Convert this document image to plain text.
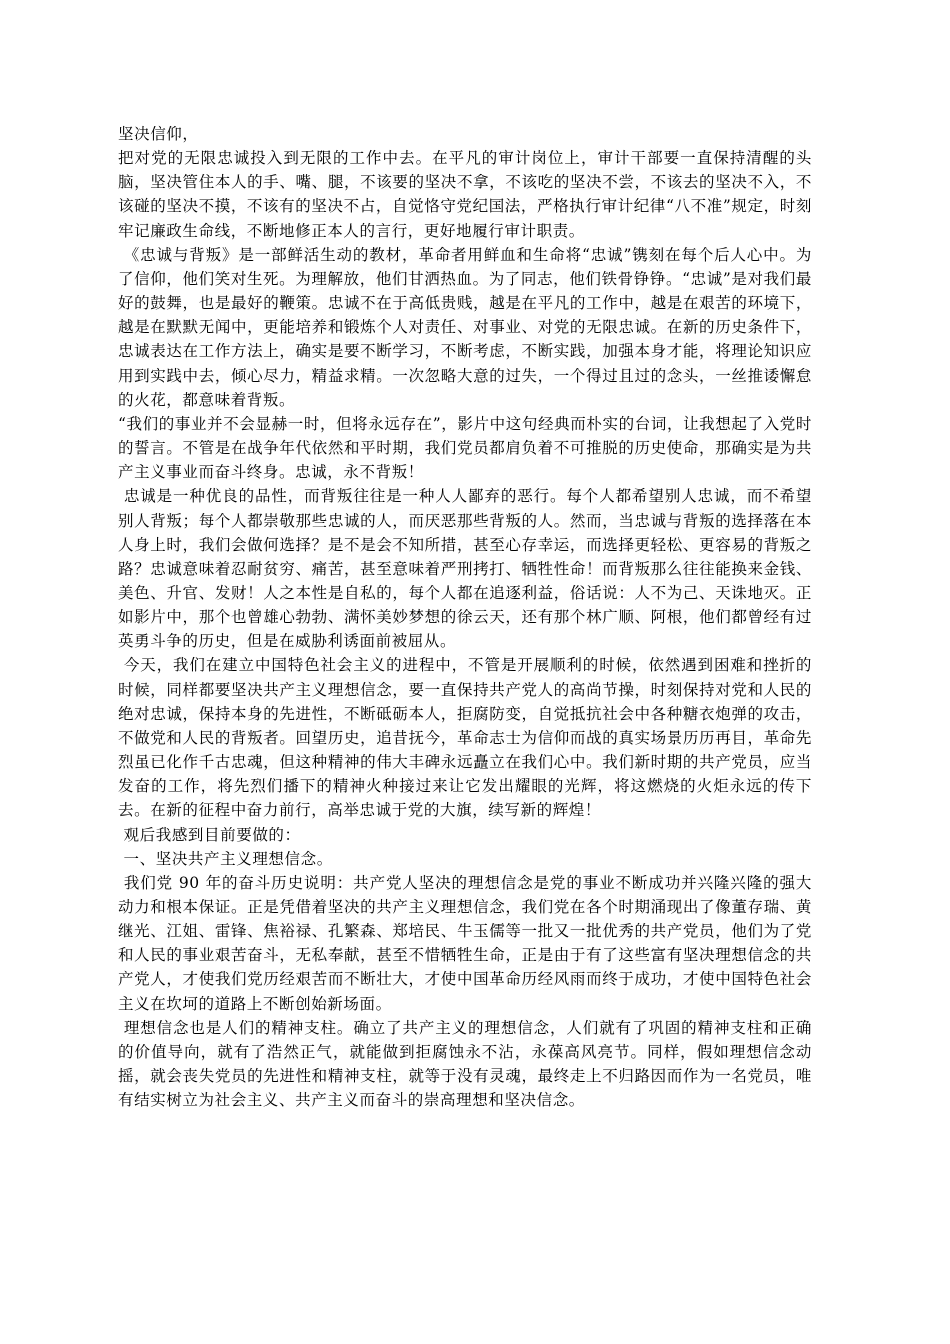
坚决信仰，

把对党的无限忠诚投入到无限的工作中去。在平凡的审计岗位上，审计干部要一直保持清醒的头脑，坚决管住本人的手、嘴、腿，不该要的坚决不拿，不该吃的坚决不尝，不该去的坚决不入，不该碰的坚决不摸，不该有的坚决不占，自觉恪守党纪国法，严格执行审计纪律“八不准”规定，时刻牢记廉政生命线，不断地修正本人的言行，更好地履行审计职责。

《忠诚与背叛》是一部鲜活生动的教材，革命者用鲜血和生命将“忠诚”镌刻在每个后人心中。为了信仰，他们笑对生死。为理解放，他们甘洒热血。为了同志，他们铁骨铮铮。“忠诚”是对我们最好的鼓舞，也是最好的鞭策。忠诚不在于高低贵贱，越是在平凡的工作中，越是在艰苦的环境下，越是在默默无闻中，更能培养和锻炼个人对责任、对事业、对党的无限忠诚。在新的历史条件下，忠诚表达在工作方法上，确实是要不断学习，不断考虑，不断实践，加强本身才能，将理论知识应用到实践中去，倾心尽力，精益求精。一次忽略大意的过失，一个得过且过的念头，一丝推诿懈怠的火花，都意味着背叛。

“我们的事业并不会显赫一时，但将永远存在”，影片中这句经典而朴实的台词，让我想起了入党时的誓言。不管是在战争年代依然和平时期，我们党员都肩负着不可推脱的历史使命，那确实是为共产主义事业而奋斗终身。忠诚，永不背叛！

忠诚是一种优良的品性，而背叛往往是一种人人鄙弃的恶行。每个人都希望别人忠诚，而不希望别人背叛；每个人都崇敬那些忠诚的人，而厌恶那些背叛的人。然而，当忠诚与背叛的选择落在本人身上时，我们会做何选择？是不是会不知所措，甚至心存幸运，而选择更轻松、更容易的背叛之路？忠诚意味着忍耐贫穷、痛苦，甚至意味着严刑拷打、牺牲性命！而背叛那么往往能换来金钱、美色、升官、发财！人之本性是自私的，每个人都在追逐利益，俗话说：人不为己、天诛地灭。正如影片中，那个也曾雄心勃勃、满怀美妙梦想的徐云天，还有那个林广顺、阿根，他们都曾经有过英勇斗争的历史，但是在威胁利诱面前被屈从。

今天，我们在建立中国特色社会主义的进程中，不管是开展顺利的时候，依然遇到困难和挫折的时候，同样都要坚决共产主义理想信念，要一直保持共产党人的高尚节操，时刻保持对党和人民的绝对忠诚，保持本身的先进性，不断砥砺本人，拒腐防变，自觉抵抗社会中各种糖衣炮弹的攻击，不做党和人民的背叛者。回望历史，追昔抚今，革命志士为信仰而战的真实场景历历再目，革命先烈虽已化作千古忠魂，但这种精神的伟大丰碑永远矗立在我们心中。我们新时期的共产党员，应当发奋的工作，将先烈们播下的精神火种接过来让它发出耀眼的光辉，将这燃烧的火炬永远的传下去。在新的征程中奋力前行，高举忠诚于党的大旗，续写新的辉煌！

观后我感到目前要做的：

一、坚决共产主义理想信念。

我们党 90 年的奋斗历史说明：共产党人坚决的理想信念是党的事业不断成功并兴隆兴隆的强大动力和根本保证。正是凭借着坚决的共产主义理想信念，我们党在各个时期涌现出了像董存瑞、黄继光、江姐、雷锋、焦裕禄、孔繁森、郑培民、牛玉儒等一批又一批优秀的共产党员，他们为了党和人民的事业艰苦奋斗，无私奉献，甚至不惜牺牲生命，正是由于有了这些富有坚决理想信念的共产党人，才使我们党历经艰苦而不断壮大，才使中国革命历经风雨而终于成功，才使中国特色社会主义在坎坷的道路上不断创始新场面。

理想信念也是人们的精神支柱。确立了共产主义的理想信念，人们就有了巩固的精神支柱和正确的价值导向，就有了浩然正气，就能做到拒腐蚀永不沾，永葆高风亮节。同样，假如理想信念动摇，就会丧失党员的先进性和精神支柱，就等于没有灵魂，最终走上不归路因而作为一名党员，唯有结实树立为社会主义、共产主义而奋斗的崇高理想和坚决信念。
